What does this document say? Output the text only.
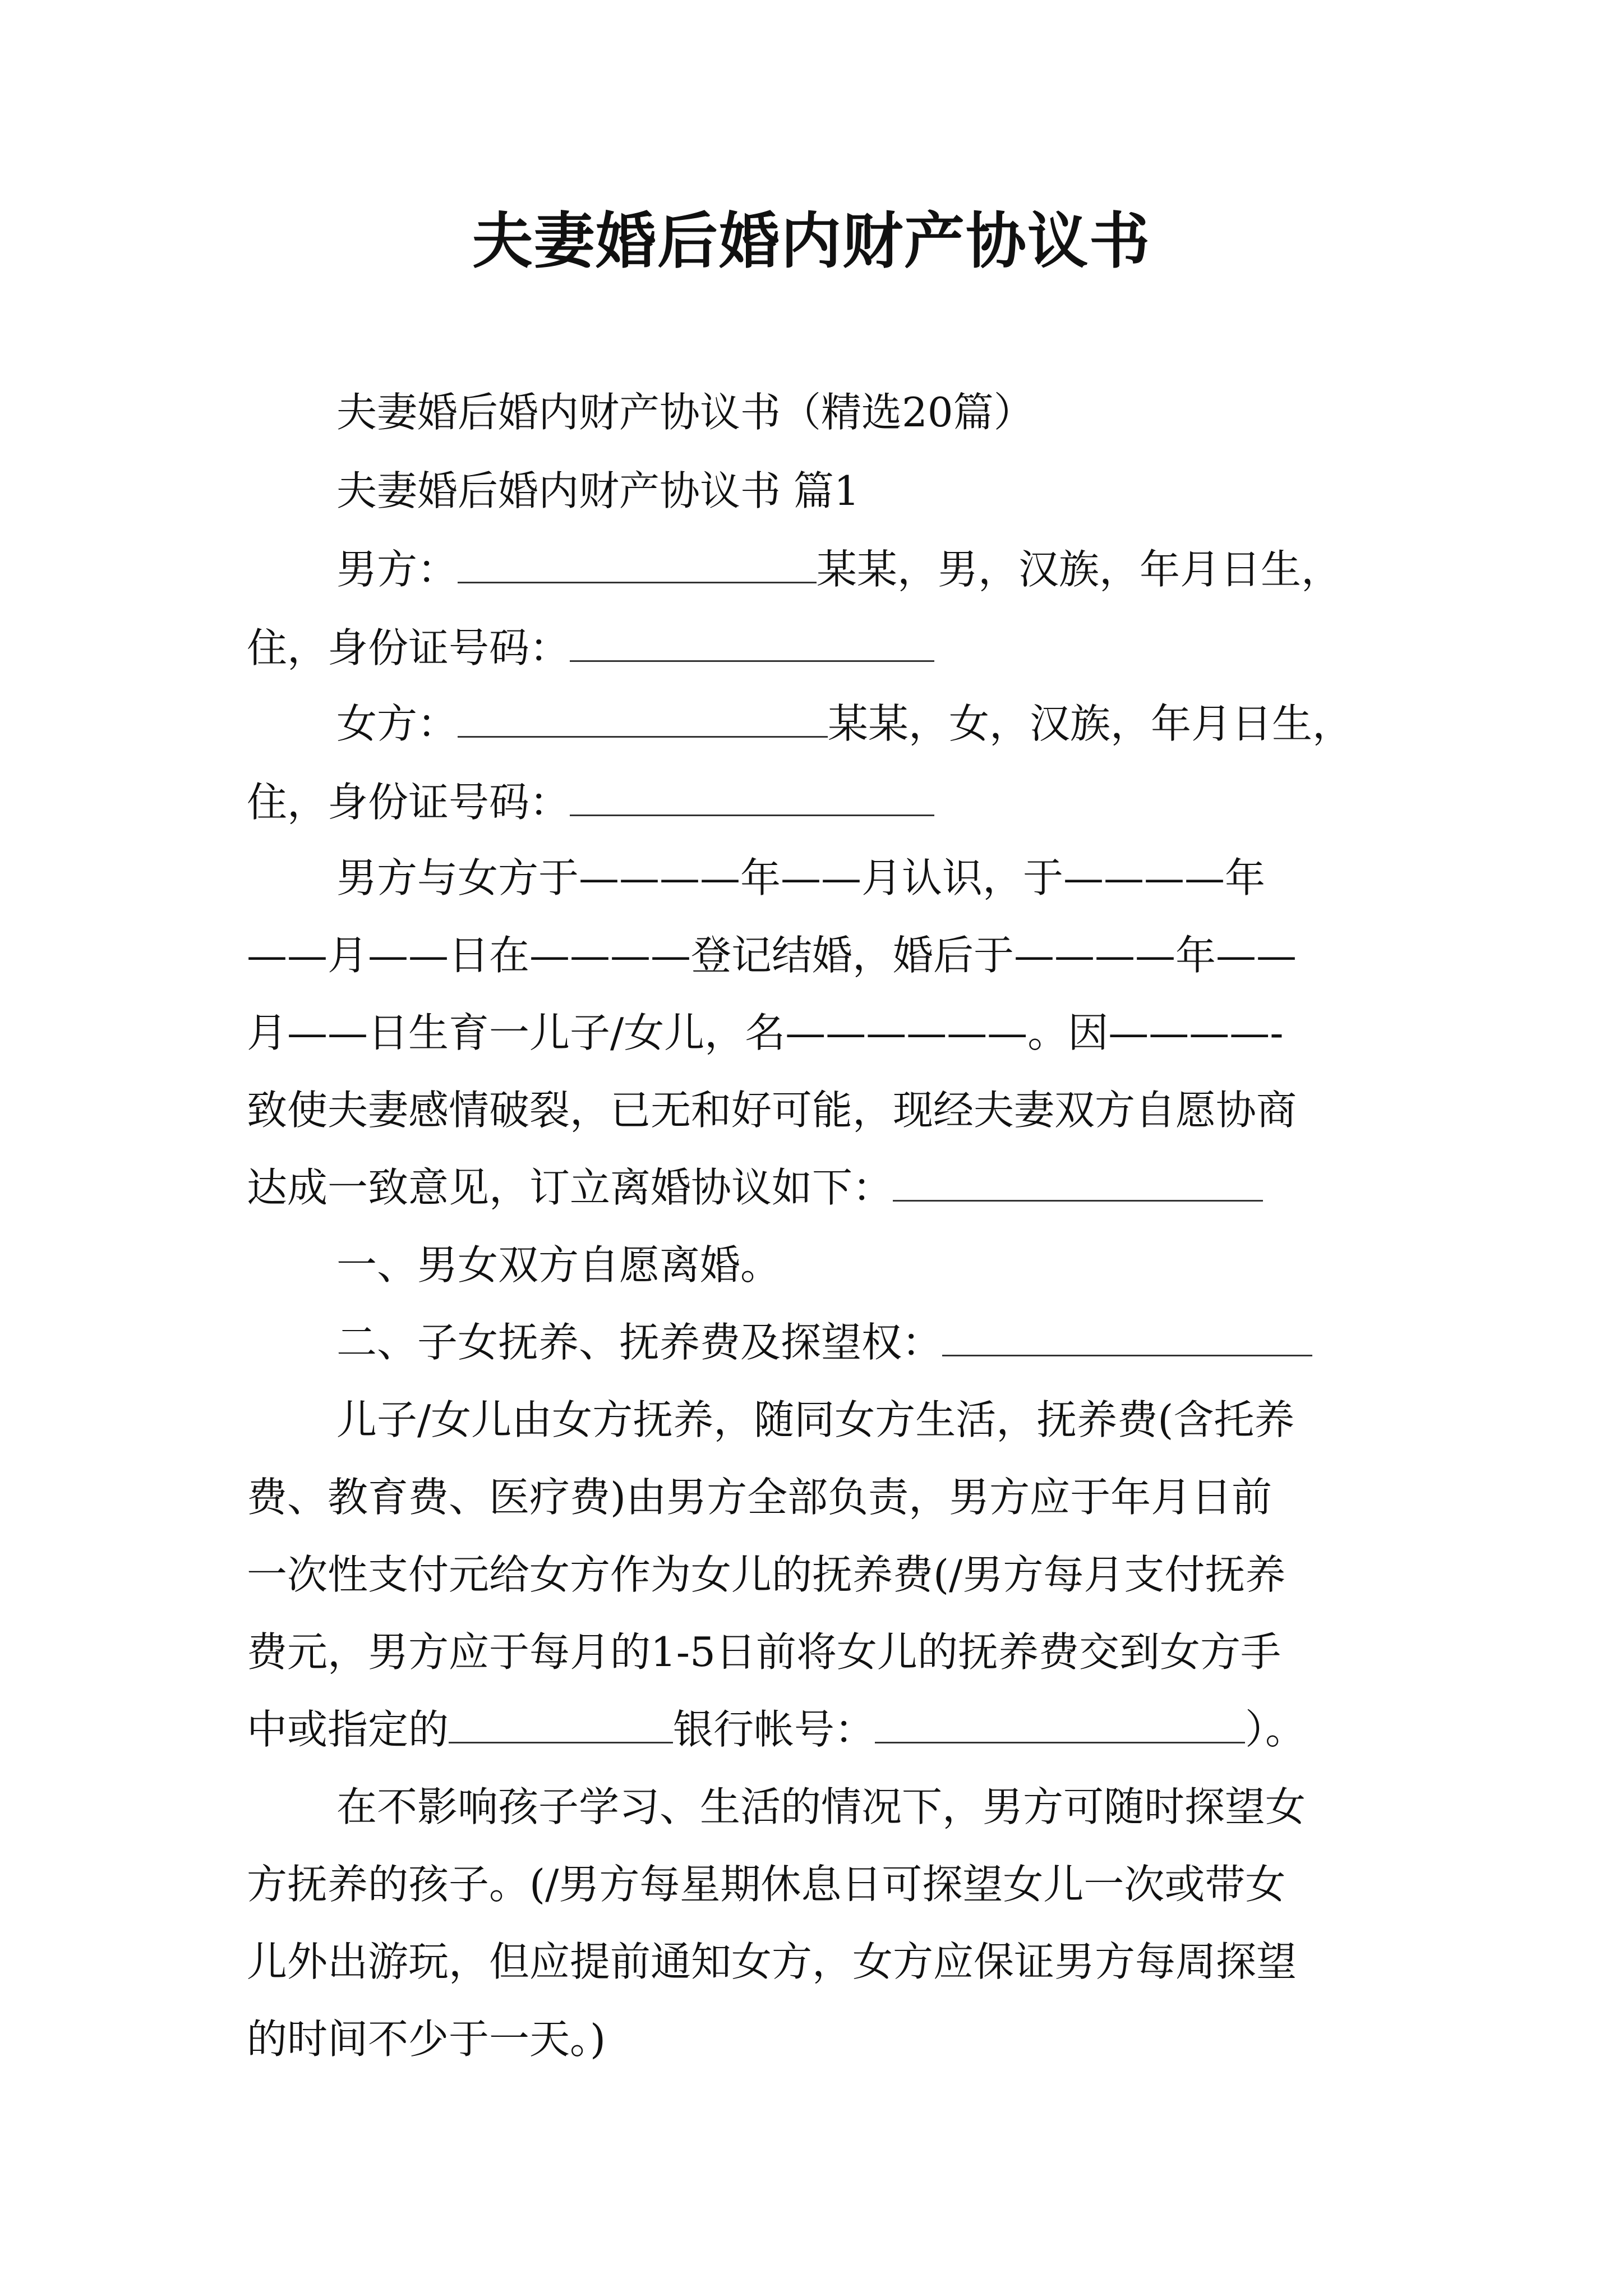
夫妻婚后婚内财产协议书
夫妻婚后婚内财产协议书（精选20篇）
夫妻婚后婚内财产协议书 篇1
男方：	某某，男，汉族，年月日生，
住，身份证号码：
女方：	某某，女，汉族，年月日生，
住，身份证号码：
男方与女方于————年——月认识，于————年
——月——日在————登记结婚，婚后于————年——
月——日生育一儿子/女儿，名——————。因————-
致使夫妻感情破裂，已无和好可能，现经夫妻双方自愿协商
达成一致意见，订立离婚协议如下：
一、男女双方自愿离婚。
二、子女抚养、抚养费及探望权：
儿子/女儿由女方抚养，随同女方生活，抚养费(含托养
费、教育费、医疗费)由男方全部负责，男方应于年月日前
一次性支付元给女方作为女儿的抚养费(/男方每月支付抚养
费元，男方应于每月的1-5日前将女儿的抚养费交到女方手
中或指定的	银行帐号：	）。
在不影响孩子学习、生活的情况下，男方可随时探望女
方抚养的孩子。(/男方每星期休息日可探望女儿一次或带女
儿外出游玩，但应提前通知女方，女方应保证男方每周探望
的时间不少于一天。)
